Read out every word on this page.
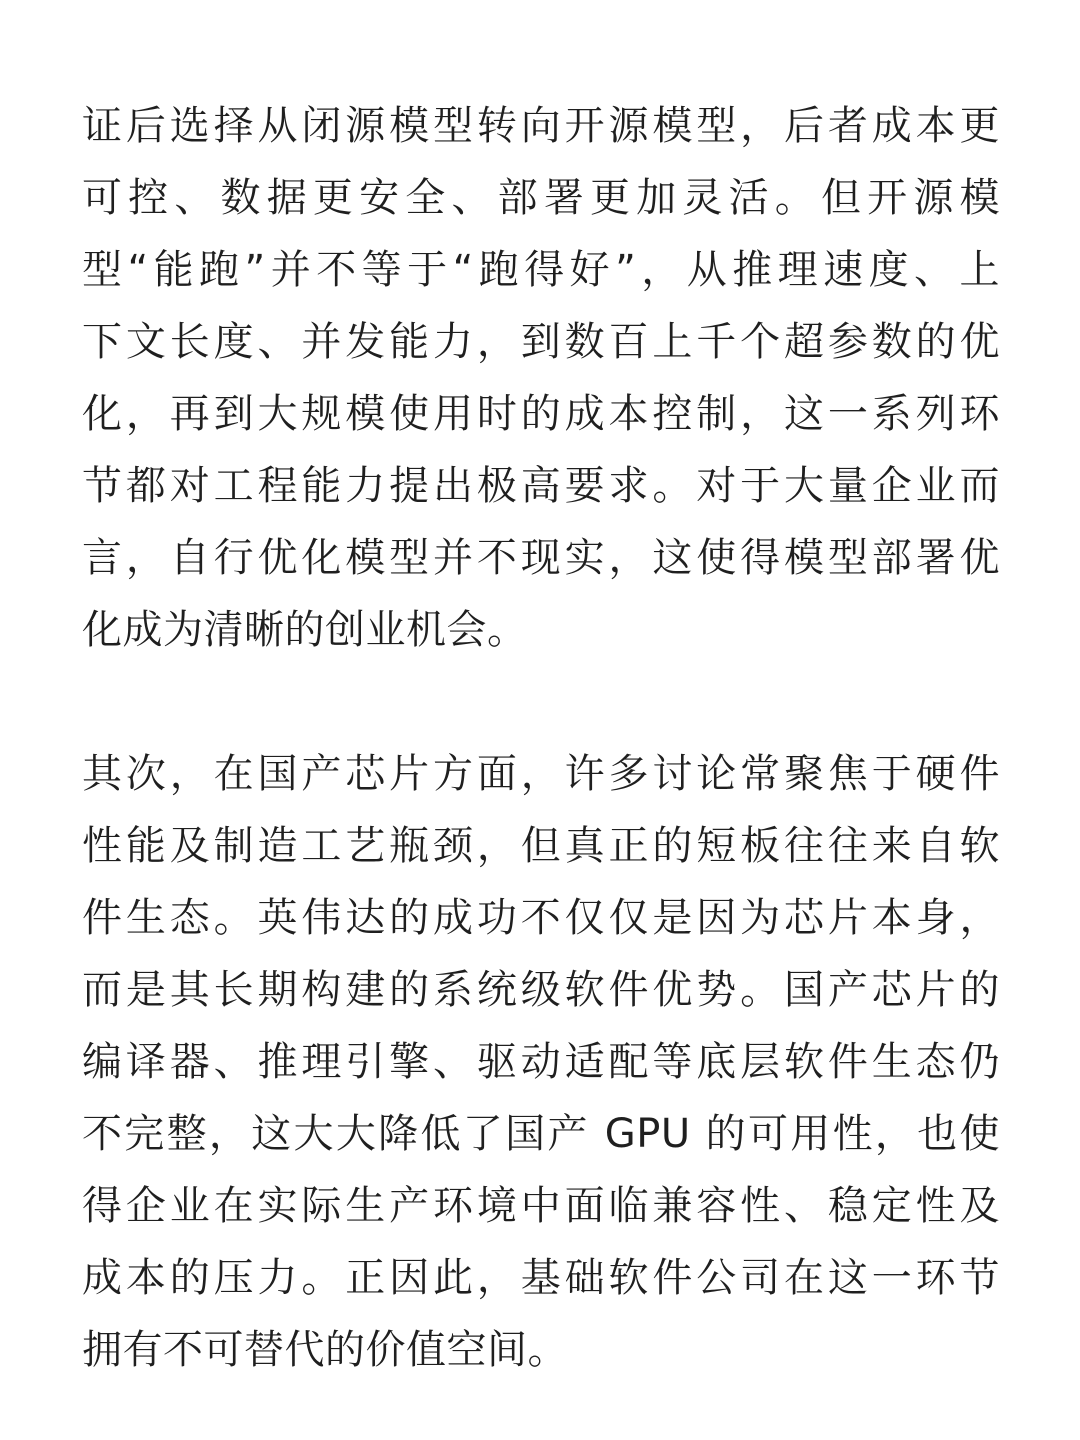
证后选择从闭源模型转向开源模型，后者成本更
可控、数据更安全、部署更加灵活。但开源模
型“能跑”并不等于“跑得好”，从推理速度、上
下文长度、并发能力，到数百上千个超参数的优
化，再到大规模使用时的成本控制，这一系列环
节都对工程能力提出极高要求。对于大量企业而
言，自行优化模型并不现实，这使得模型部署优
化成为清晰的创业机会。
其次，在国产芯片方面，许多讨论常聚焦于硬件
性能及制造工艺瓶颈，但真正的短板往往来自软
件生态。英伟达的成功不仅仅是因为芯片本身，
而是其长期构建的系统级软件优势。国产芯片的
编译器、推理引擎、驱动适配等底层软件生态仍
不完整，这大大降低了国产 GPU 的可用性，也使
得企业在实际生产环境中面临兼容性、稳定性及
成本的压力。正因此，基础软件公司在这一环节
拥有不可替代的价值空间。
